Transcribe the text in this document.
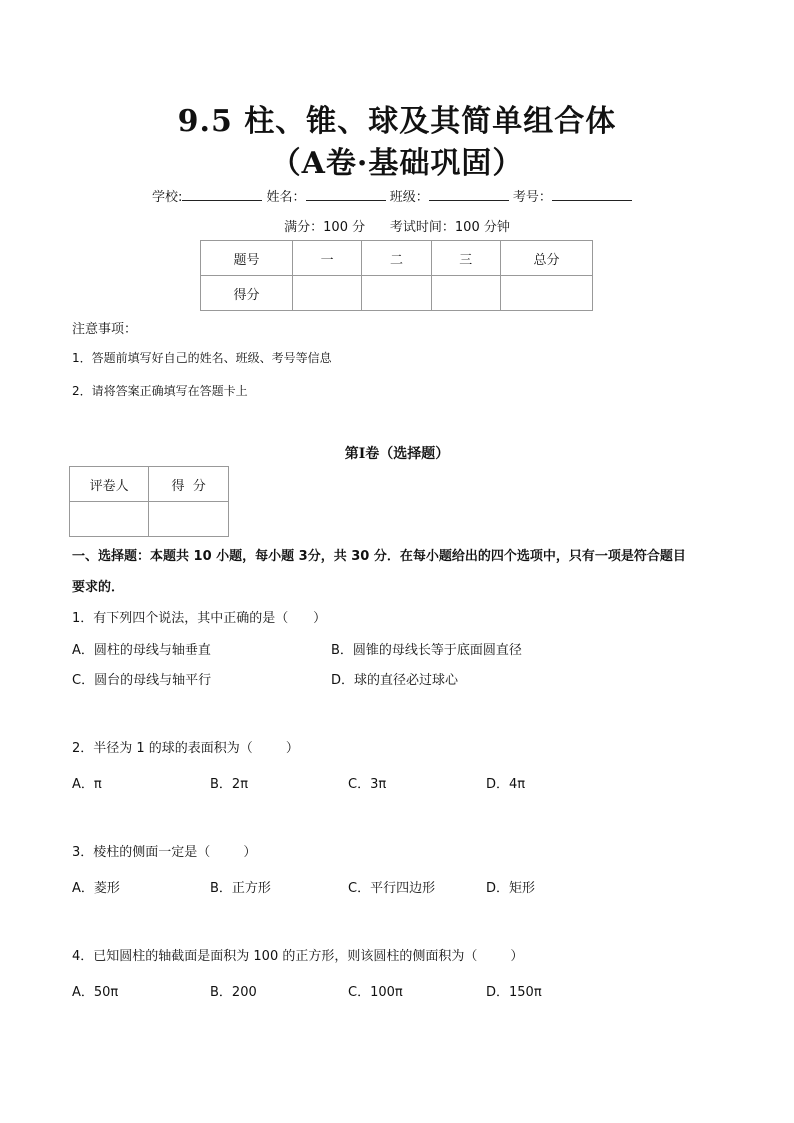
9.5 柱、锥、球及其简单组合体
（A卷·基础巩固）
学校:	姓名：	班级：	考号：
满分：100 分      考试时间：100 分钟
题号	一	二	三	总分
得分				
注意事项：
1．答题前填写好自己的姓名、班级、考号等信息
2．请将答案正确填写在答题卡上
第Ⅰ卷（选择题）
评卷人	得  分

一、选择题：本题共 10 小题，每小题 3分，共 30 分．在每小题给出的四个选项中，只有一项是符合题目
要求的．
1．有下列四个说法，其中正确的是（      ）
A．圆柱的母线与轴垂直	B．圆锥的母线长等于底面圆直径
C．圆台的母线与轴平行	D．球的直径必过球心
2．半径为 1 的球的表面积为（        ）
A．π	B．2π	C．3π	D．4π
3．棱柱的侧面一定是（        ）
A．菱形	B．正方形	C．平行四边形	D．矩形
4．已知圆柱的轴截面是面积为 100 的正方形，则该圆柱的侧面积为（        ）
A．50π	B．200	C．100π	D．150π
